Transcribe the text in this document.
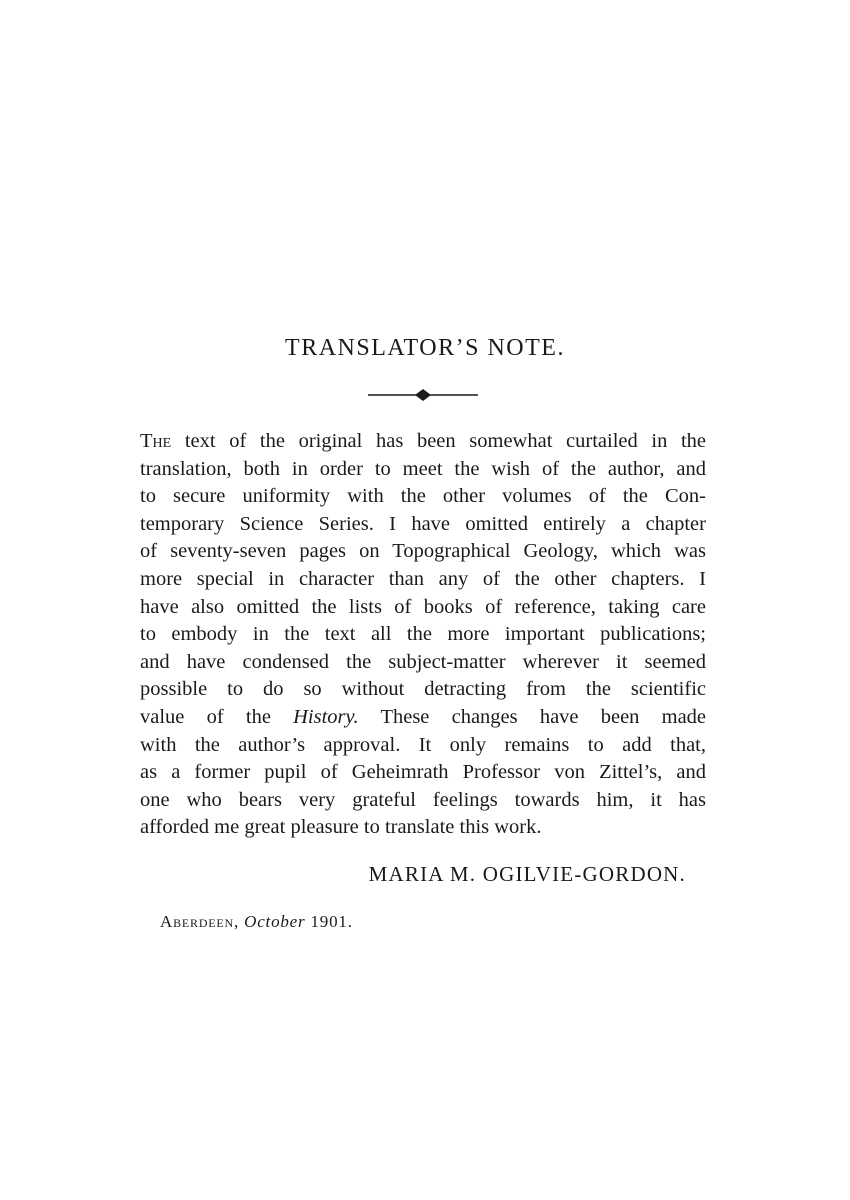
TRANSLATOR’S NOTE.
The text of the original has been somewhat curtailed in the
translation, both in order to meet the wish of the author, and
to secure uniformity with the other volumes of the Con-
temporary Science Series. I have omitted entirely a chapter
of seventy-seven pages on Topographical Geology, which was
more special in character than any of the other chapters. I
have also omitted the lists of books of reference, taking care
to embody in the text all the more important publications;
and have condensed the subject-matter wherever it seemed
possible to do so without detracting from the scientific
value of the History. These changes have been made
with the author’s approval. It only remains to add that,
as a former pupil of Geheimrath Professor von Zittel’s, and
one who bears very grateful feelings towards him, it has
afforded me great pleasure to translate this work.
MARIA M. OGILVIE-GORDON.
Aberdeen, October 1901.
